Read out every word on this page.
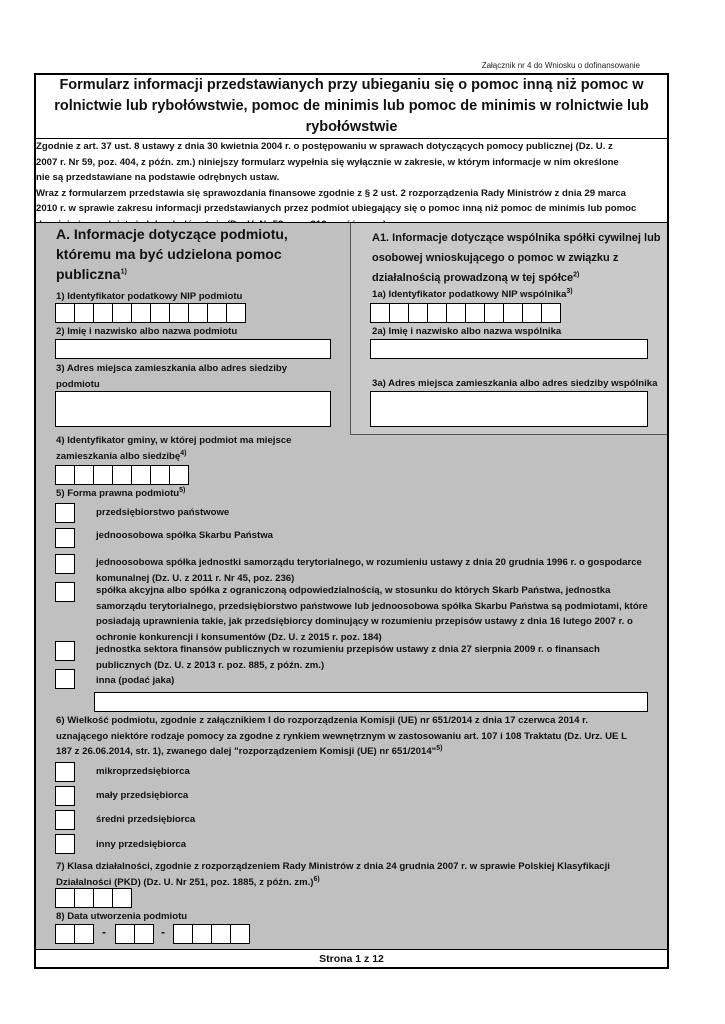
Załącznik nr 4 do Wniosku o dofinansowanie
Formularz informacji przedstawianych przy ubieganiu się o pomoc inną niż pomoc w
rolnictwie lub rybołówstwie, pomoc de minimis lub pomoc de minimis w rolnictwie lub
rybołówstwie

Zgodnie z art. 37 ust. 8 ustawy z dnia 30 kwietnia 2004 r. o postępowaniu w sprawach dotyczących pomocy publicznej (Dz. U. z

2007 r. Nr 59, poz. 404, z późn. zm.) niniejszy formularz wypełnia się wyłącznie w zakresie, w którym informacje w nim określone

nie są przedstawiane na podstawie odrębnych ustaw.

Wraz z formularzem przedstawia się sprawozdania finansowe zgodnie z § 2 ust. 2 rozporządzenia Rady Ministrów z dnia 29 marca

2010 r. w sprawie zakresu informacji przedstawianych przez podmiot ubiegający się o pomoc inną niż pomoc de minimis lub pomoc

A. Informacje dotyczące podmiotu, któremu ma być udzielona pomoc publiczna$^{1)}$
A1. Informacje dotyczące wspólnika spółki cywilnej lub osobowej wnioskującego o pomoc w związku z działalnością prowadzoną w tej spółce$^{2)}$
1) Identyfikator podatkowy NIP podmiotu	1a) Identyfikator podatkowy NIP wspólnika$^{3)}$
2) Imię i nazwisko albo nazwa podmiotu	2a) Imię i nazwisko albo nazwa wspólnika
3) Adres miejsca zamieszkania albo adres siedziby podmiotu	3a) Adres miejsca zamieszkania albo adres siedziby wspólnika
4) Identyfikator gminy, w której podmiot ma miejsce zamieszkania albo siedzibę$^{4)}$
5) Forma prawna podmiotu$^{5)}$
przedsiębiorstwo państwowe
jednoosobowa spółka Skarbu Państwa
jednoosobowa spółka jednostki samorządu terytorialnego, w rozumieniu ustawy z dnia 20 grudnia 1996 r. o gospodarce komunalnej (Dz. U. z 2011 r. Nr 45, poz. 236)
spółka akcyjna albo spółka z ograniczoną odpowiedzialnością, w stosunku do których Skarb Państwa, jednostka samorządu terytorialnego, przedsiębiorstwo państwowe lub jednoosobowa spółka Skarbu Państwa są podmiotami, które posiadają uprawnienia takie, jak przedsiębiorcy dominujący w rozumieniu przepisów ustawy z dnia 16 lutego 2007 r. o ochronie konkurencji i konsumentów (Dz. U. z 2015 r. poz. 184)
jednostka sektora finansów publicznych w rozumieniu przepisów ustawy z dnia 27 sierpnia 2009 r. o finansach publicznych (Dz. U. z 2013 r. poz. 885, z późn. zm.)
inna (podać jaka)
6) Wielkość podmiotu, zgodnie z załącznikiem I do rozporządzenia Komisji (UE) nr 651/2014 z dnia 17 czerwca 2014 r. uznającego niektóre rodzaje pomocy za zgodne z rynkiem wewnętrznym w zastosowaniu art. 107 i 108 Traktatu (Dz. Urz. UE L 187 z 26.06.2014, str. 1), zwanego dalej "rozporządzeniem Komisji (UE) nr 651/2014"$^{5)}$
mikroprzedsiębiorca
mały przedsiębiorca
średni przedsiębiorca
inny przedsiębiorca
7) Klasa działalności, zgodnie z rozporządzeniem Rady Ministrów z dnia 24 grudnia 2007 r. w sprawie Polskiej Klasyfikacji Działalności (PKD) (Dz. U. Nr 251, poz. 1885, z późn. zm.)$^{6)}$
8) Data utworzenia podmiotu
-	-
Strona 1 z 12
